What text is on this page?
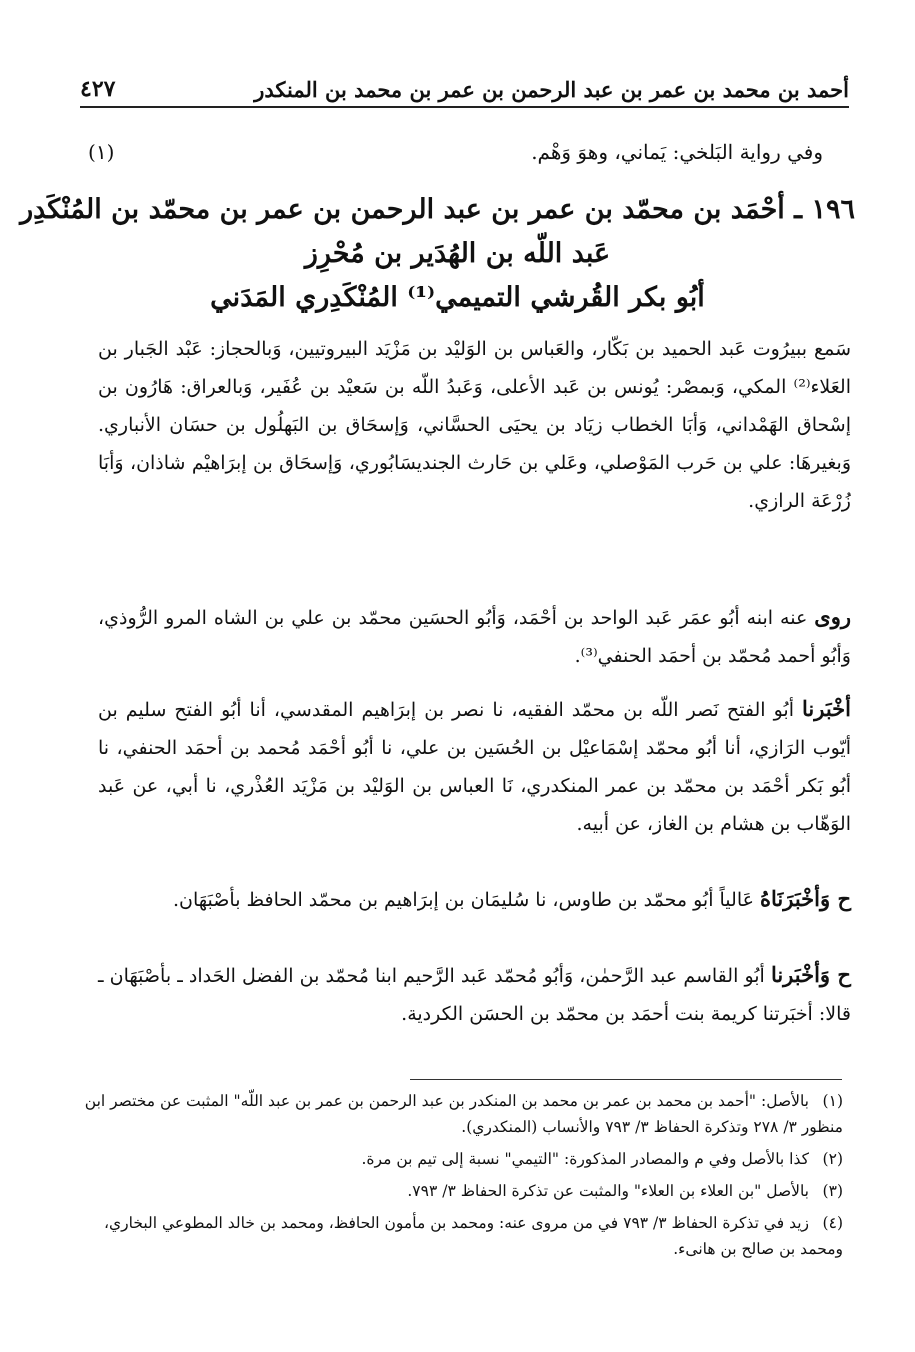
أحمد بن محمد بن عمر بن عبد الرحمن بن عمر بن محمد بن المنكدر
٤٢٧
وفي رواية البَلخي: يَماني، وهوَ وَهْم.
(١)
١٩٦ ـ أحْمَد بن محمّد بن عمر بن عبد الرحمن بن عمر بن محمّد بن المُنْكَدِر
عَبد اللّه بن الهُدَير بن مُحْرِز
أبُو بكر القُرشي التميمي⁽¹⁾ المُنْكَدِري المَدَني
سَمع ببيرُوت عَبد الحميد بن بَكّار، والعَباس بن الوَليْد بن مَزْيَد البيروتيين، وَبالحجاز: عَبْد الجَبار بن العَلاء⁽²⁾ المكي، وَبمصْر: يُونس بن عَبد الأعلى، وَعَبدُ اللّه بن سَعيْد بن عُفَير، وَبالعراق: هَارُون بن إسْحاق الهَمْداني، وَأبَا الخطاب زيَاد بن يحيَى الحسَّاني، وَإسحَاق بن البَهلُول بن حسَان الأنباري. وَبغيرهَا: علي بن حَرب المَوْصلي، وعَلي بن حَارث الجنديسَابُوري، وَإسحَاق بن إبرَاهيْم شاذان، وَأبَا زُرْعَة الرازي.
روى عنه ابنه أبُو عمَر عَبد الواحد بن أحْمَد، وَأبُو الحسَين محمّد بن علي بن الشاه المرو الرُّوذي، وَأبُو أحمد مُحمّد بن أحمَد الحنفي⁽³⁾.
أخْبَرنا أبُو الفتح نَصر اللّه بن محمّد الفقيه، نا نصر بن إبرَاهيم المقدسي، أنا أبُو الفتح سليم بن أيّوب الرَازي، أنا أبُو محمّد إسْمَاعيْل بن الحُسَين بن علي، نا أبُو أحْمَد مُحمد بن أحمَد الحنفي، نا أبُو بَكر أحْمَد بن محمّد بن عمر المنكدري، نَا العباس بن الوَليْد بن مَزْيَد العُذْري، نا أبي، عن عَبد الوَهّاب بن هشام بن الغاز، عن أبيه.
ح وَأخْبَرَنَاهُ عَالياً أبُو محمّد بن طاوس، نا سُليمَان بن إبرَاهيم بن محمّد الحافظ بأصْبَهَان.
ح وَأخْبَرنا أبُو القاسم عبد الرَّحمٰن، وَأبُو مُحمّد عَبد الرَّحيم ابنا مُحمّد بن الفضل الحَداد ـ بأصْبَهَان ـ قالا: أخبَرتنا كريمة بنت أحمَد بن محمّد بن الحسَن الكردية.
(١)بالأصل: "أحمد بن محمد بن عمر بن محمد بن المنكدر بن عبد الرحمن بن عمر بن عبد اللّه" المثبت عن مختصر ابن منظور ٣/ ٢٧٨ وتذكرة الحفاظ ٣/ ٧٩٣ والأنساب (المنكدري).
(٢)كذا بالأصل وفي م والمصادر المذكورة: "التيمي" نسبة إلى تيم بن مرة.
(٣)بالأصل "بن العلاء بن العلاء" والمثبت عن تذكرة الحفاظ ٣/ ٧٩٣.
(٤)زيد في تذكرة الحفاظ ٣/ ٧٩٣ في من مروى عنه: ومحمد بن مأمون الحافظ، ومحمد بن خالد المطوعي البخاري، ومحمد بن صالح بن هانىء.
